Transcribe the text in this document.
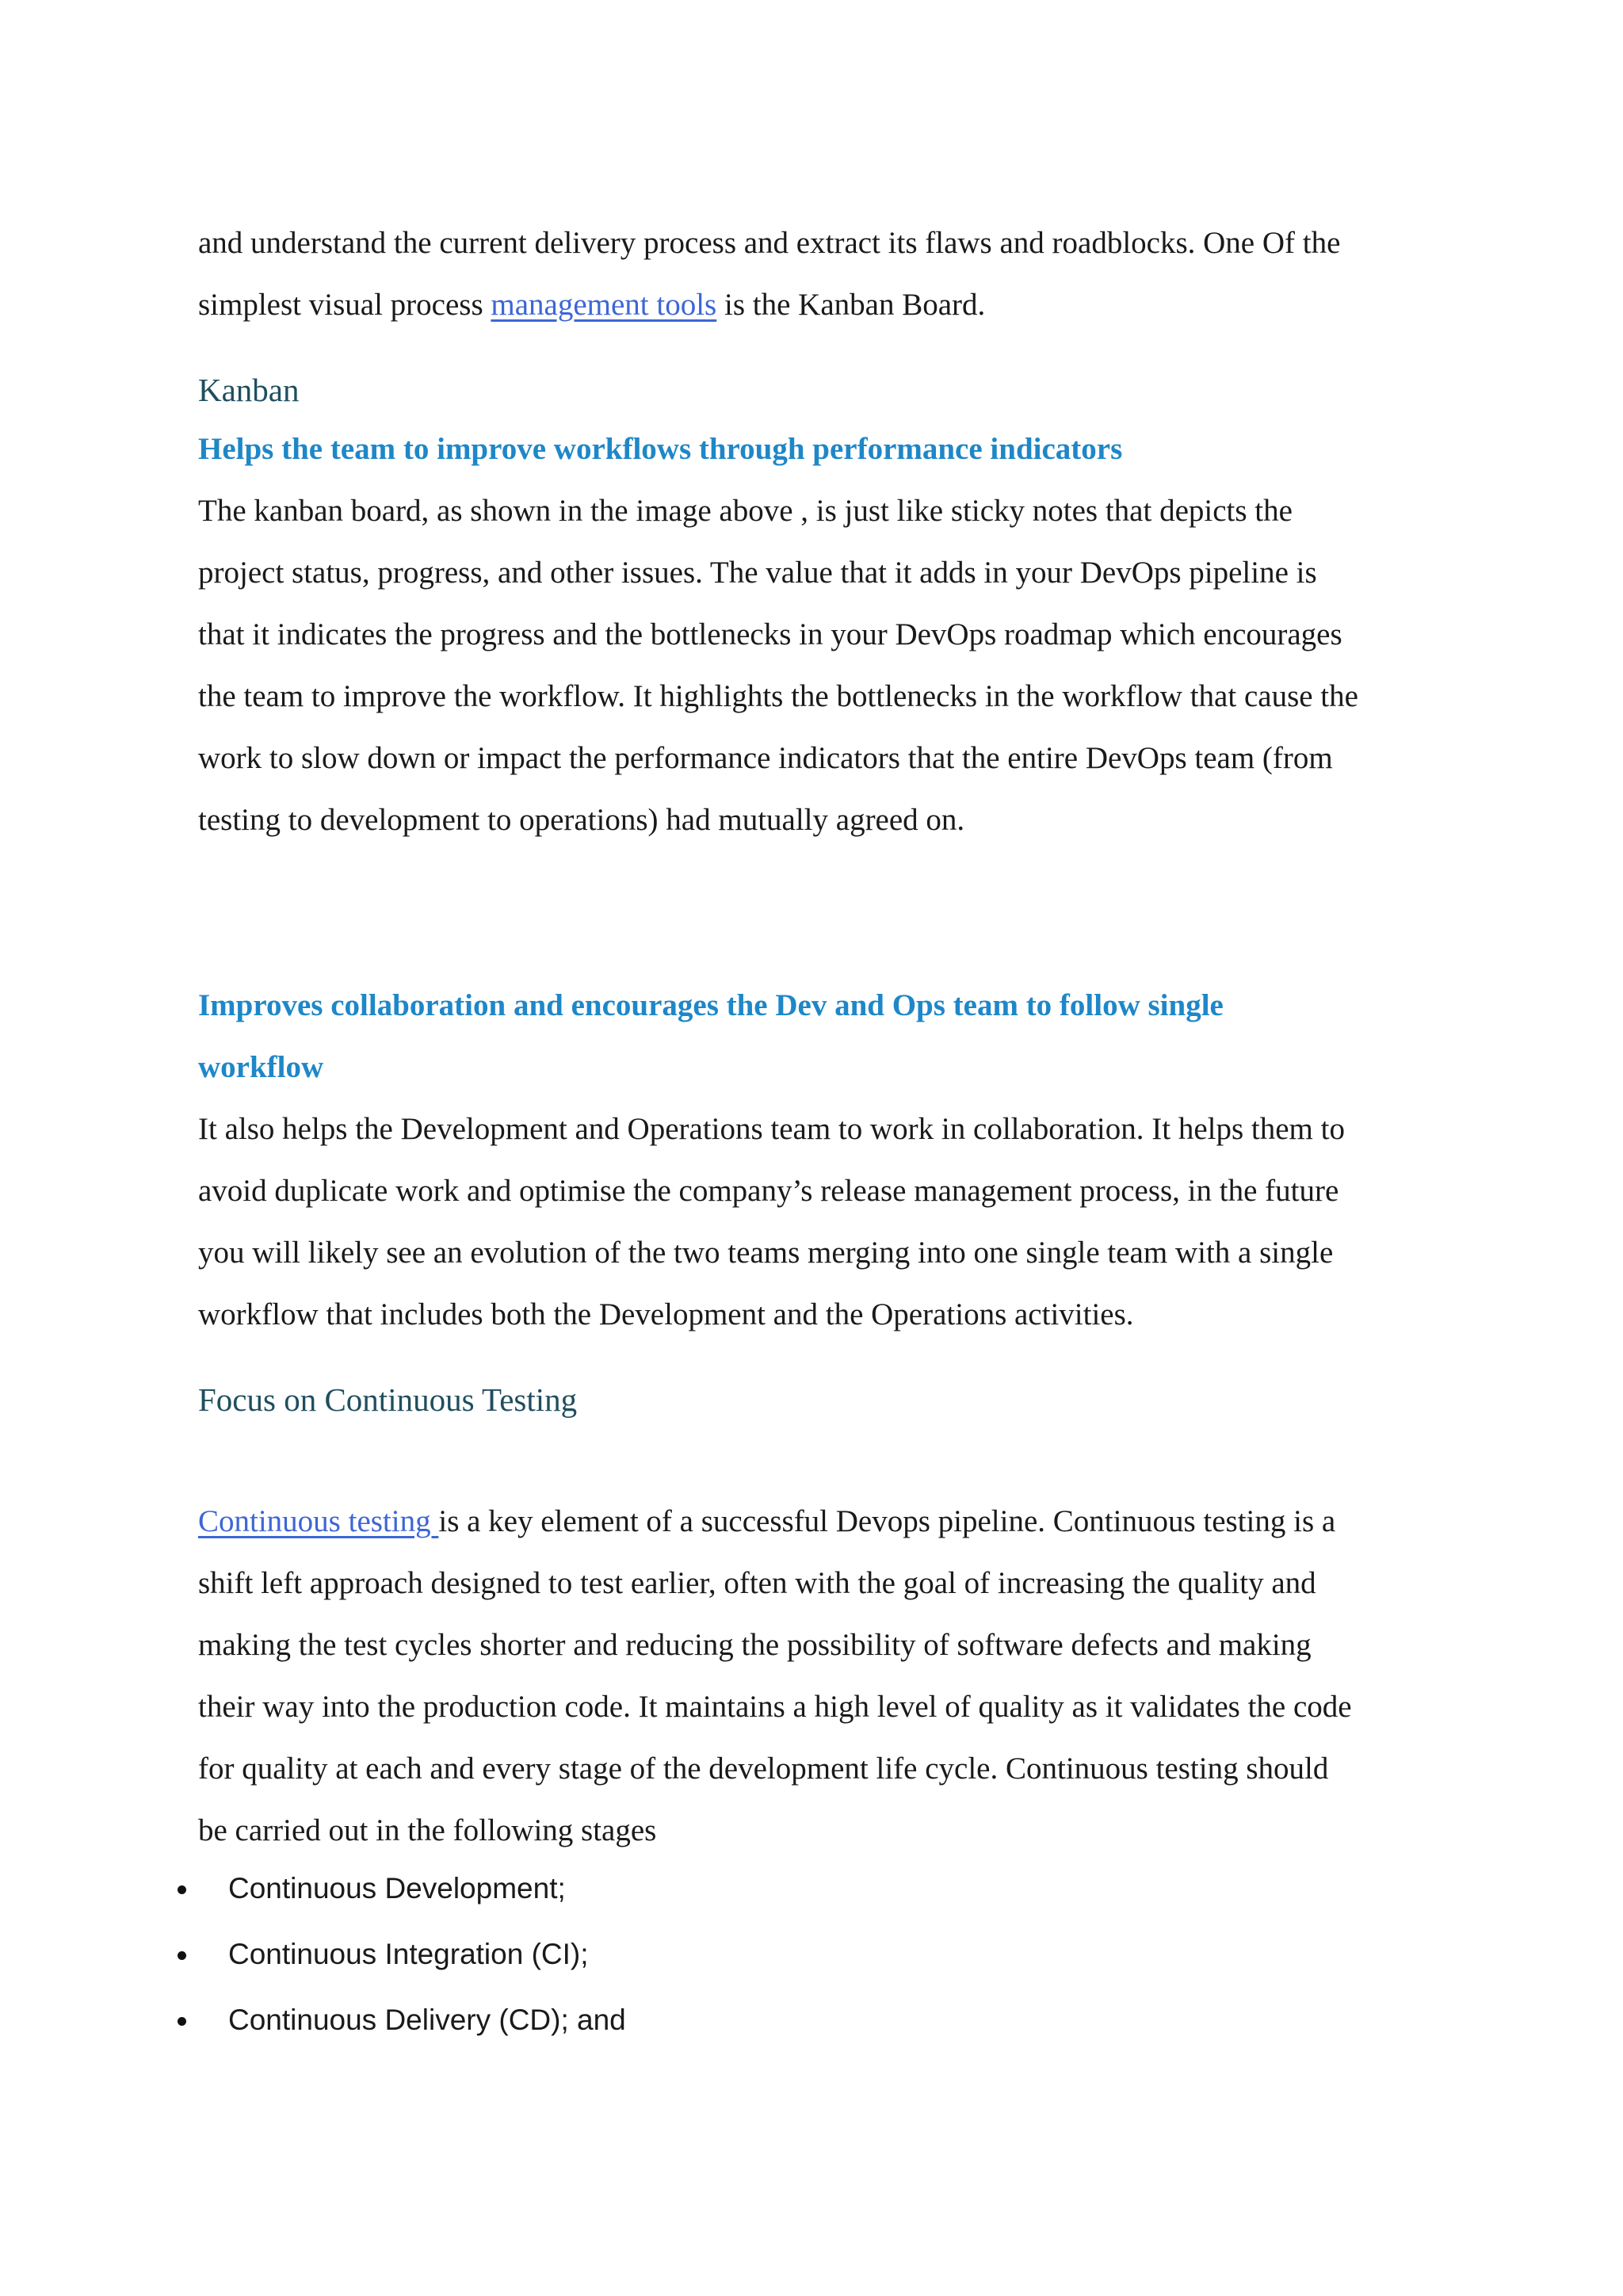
and understand the current delivery process and extract its flaws and roadblocks. One Of the

simplest visual process management tools is the Kanban Board.

Kanban
Helps the team to improve workflows through performance indicators

The kanban board, as shown in the image above , is just like sticky notes that depicts the

project status, progress, and other issues. The value that it adds in your DevOps pipeline is

that it indicates the progress and the bottlenecks in your DevOps roadmap which encourages

the team to improve the workflow. It highlights the bottlenecks in the workflow that cause the

work to slow down or impact the performance indicators that the entire DevOps team (from

testing to development to operations) had mutually agreed on.

Improves collaboration and encourages the Dev and Ops team to follow single
workflow

It also helps the Development and Operations team to work in collaboration. It helps them to

avoid duplicate work and optimise the company’s release management process, in the future

you will likely see an evolution of the two teams merging into one single team with a single

workflow that includes both the Development and the Operations activities.

Focus on Continuous Testing

Continuous testing is a key element of a successful Devops pipeline. Continuous testing is a

shift left approach designed to test earlier, often with the goal of increasing the quality and

making the test cycles shorter and reducing the possibility of software defects and making

their way into the production code. It maintains a high level of quality as it validates the code

for quality at each and every stage of the development life cycle. Continuous testing should

be carried out in the following stages

Continuous Development;
Continuous Integration (CI);
Continuous Delivery (CD); and
